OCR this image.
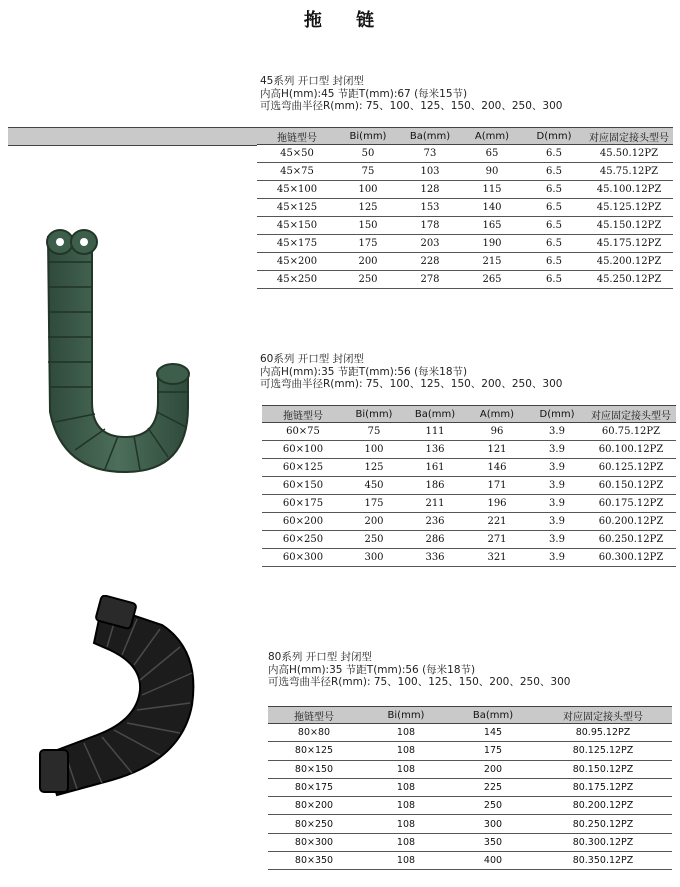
拖 链
45系列 开口型 封闭型
内高H(mm):45 节距T(mm):67 (每米15节)
可选弯曲半径R(mm): 75、100、125、150、200、250、300
拖链型号	Bi(mm)	Ba(mm)	A(mm)	D(mm)	对应固定接头型号
45×50	50	73	65	6.5	45.50.12PZ
45×75	75	103	90	6.5	45.75.12PZ
45×100	100	128	115	6.5	45.100.12PZ
45×125	125	153	140	6.5	45.125.12PZ
45×150	150	178	165	6.5	45.150.12PZ
45×175	175	203	190	6.5	45.175.12PZ
45×200	200	228	215	6.5	45.200.12PZ
45×250	250	278	265	6.5	45.250.12PZ
60系列 开口型 封闭型
内高H(mm):35 节距T(mm):56 (每米18节)
可选弯曲半径R(mm): 75、100、125、150、200、250、300
拖链型号	Bi(mm)	Ba(mm)	A(mm)	D(mm)	对应固定接头型号
60×75	75	111	96	3.9	60.75.12PZ
60×100	100	136	121	3.9	60.100.12PZ
60×125	125	161	146	3.9	60.125.12PZ
60×150	450	186	171	3.9	60.150.12PZ
60×175	175	211	196	3.9	60.175.12PZ
60×200	200	236	221	3.9	60.200.12PZ
60×250	250	286	271	3.9	60.250.12PZ
60×300	300	336	321	3.9	60.300.12PZ
80系列 开口型 封闭型
内高H(mm):35 节距T(mm):56 (每米18节)
可选弯曲半径R(mm): 75、100、125、150、200、250、300
拖链型号	Bi(mm)	Ba(mm)	对应固定接头型号
80×80	108	145	80.95.12PZ
80×125	108	175	80.125.12PZ
80×150	108	200	80.150.12PZ
80×175	108	225	80.175.12PZ
80×200	108	250	80.200.12PZ
80×250	108	300	80.250.12PZ
80×300	108	350	80.300.12PZ
80×350	108	400	80.350.12PZ
